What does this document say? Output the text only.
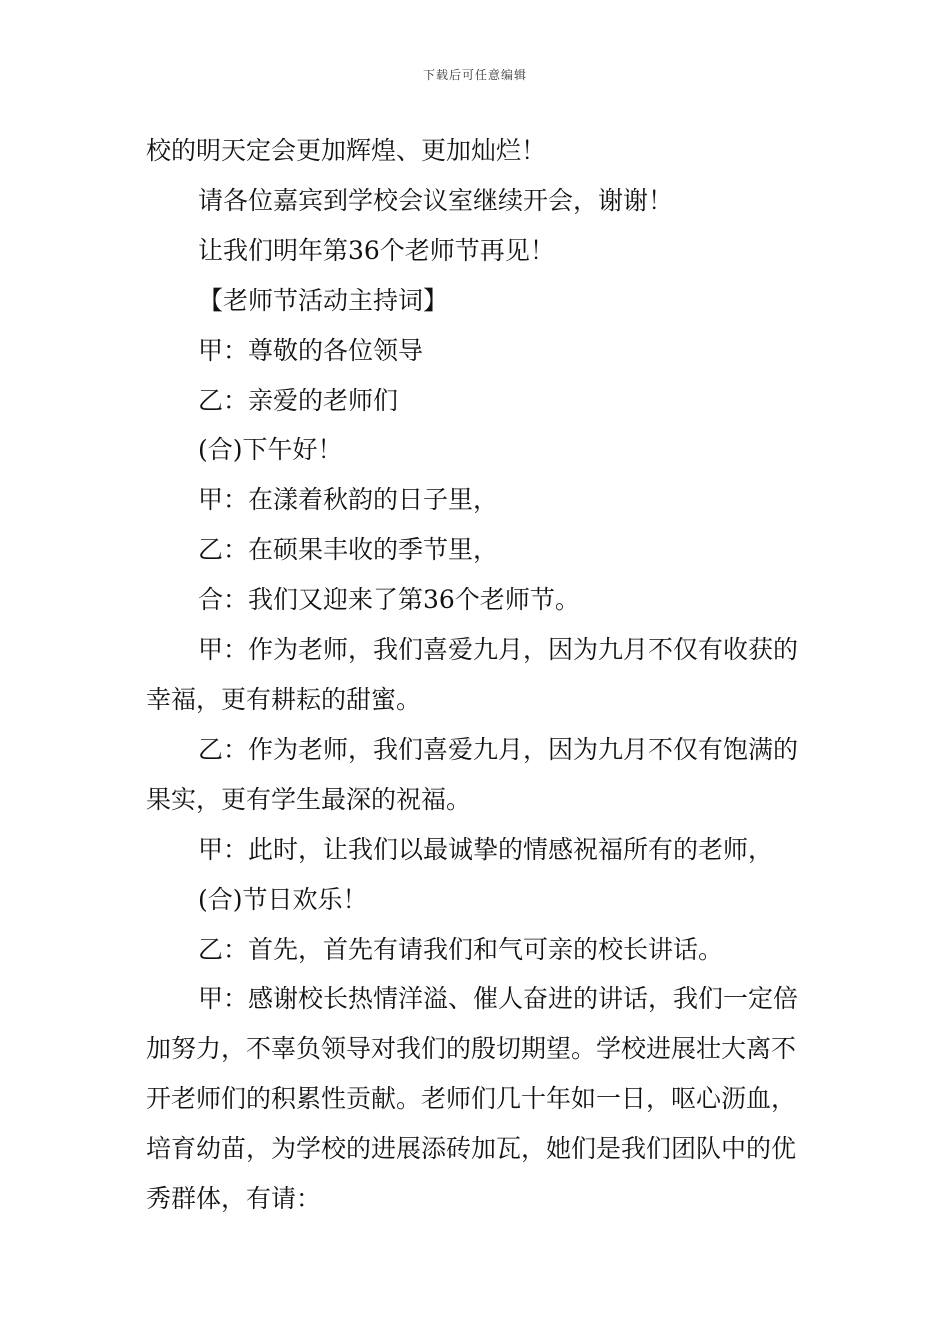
下载后可任意编辑

校的明天定会更加辉煌、更加灿烂！

请各位嘉宾到学校会议室继续开会，谢谢！

让我们明年第36个老师节再见！

【老师节活动主持词】

甲：尊敬的各位领导

乙：亲爱的老师们

(合)下午好！

甲：在漾着秋韵的日子里，

乙：在硕果丰收的季节里，

合：我们又迎来了第36个老师节。

甲：作为老师，我们喜爱九月，因为九月不仅有收获的幸福，更有耕耘的甜蜜。

乙：作为老师，我们喜爱九月，因为九月不仅有饱满的果实，更有学生最深的祝福。

甲：此时，让我们以最诚挚的情感祝福所有的老师，

(合)节日欢乐！

乙：首先，首先有请我们和气可亲的校长讲话。

甲：感谢校长热情洋溢、催人奋进的讲话，我们一定倍加努力，不辜负领导对我们的殷切期望。学校进展壮大离不开老师们的积累性贡献。老师们几十年如一日，呕心沥血，培育幼苗，为学校的进展添砖加瓦，她们是我们团队中的优秀群体，有请：
